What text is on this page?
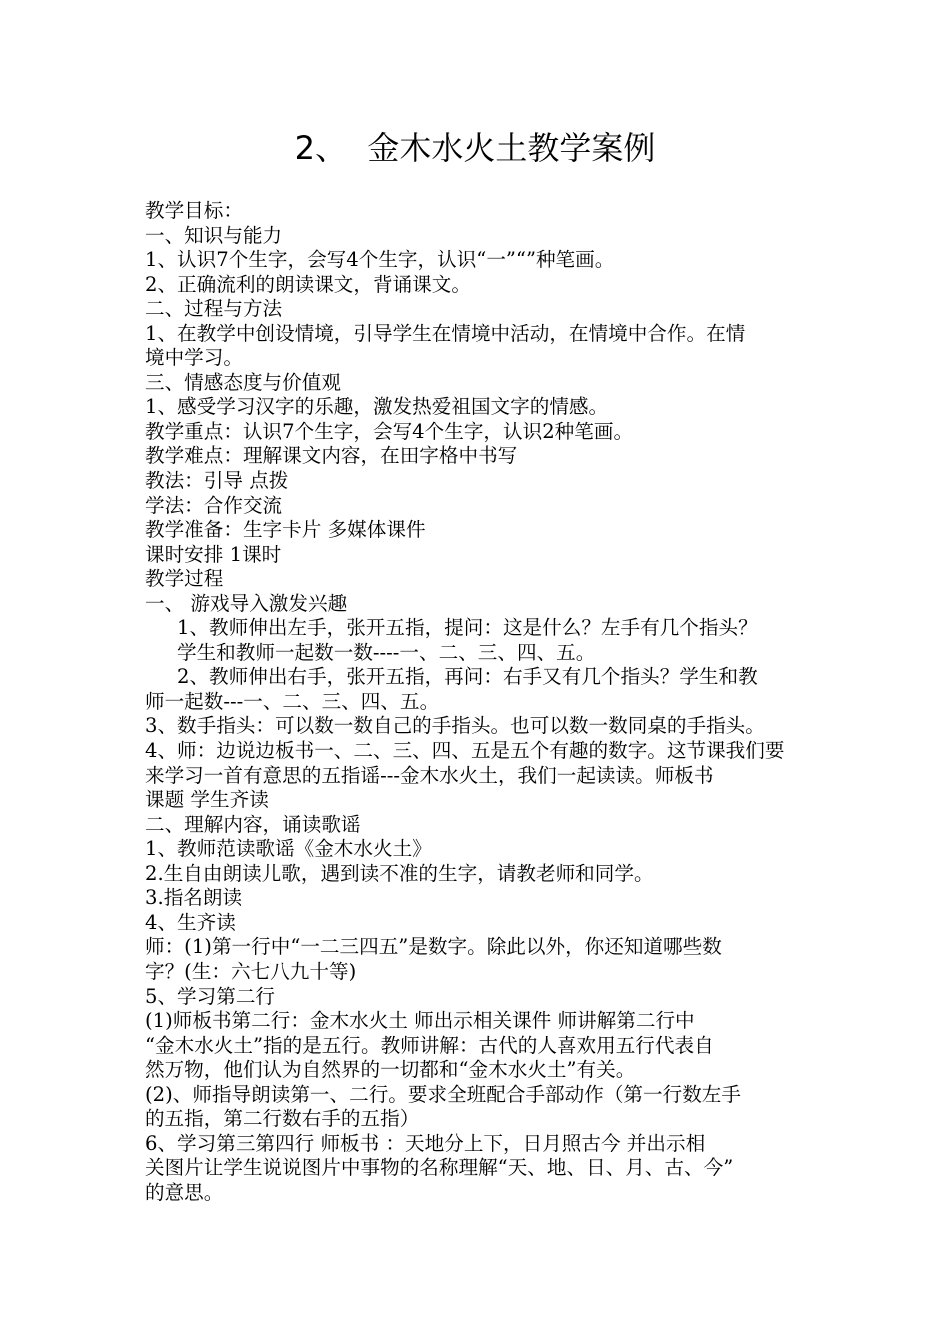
2、  金木水火土教学案例
教学目标：
一、知识与能力
1、认识7个生字，会写4个生字，认识“一”“”种笔画。
2、正确流利的朗读课文，背诵课文。
二、过程与方法
1、在教学中创设情境，引导学生在情境中活动，在情境中合作。在情
境中学习。
三、情感态度与价值观
1、感受学习汉字的乐趣，激发热爱祖国文字的情感。
教学重点：认识7个生字，会写4个生字，认识2种笔画。
教学难点：理解课文内容，在田字格中书写
教法：引导 点拨
学法：合作交流
教学准备：生字卡片 多媒体课件
课时安排 1课时
教学过程
一、 游戏导入激发兴趣
1、教师伸出左手，张开五指，提问：这是什么？左手有几个指头？
学生和教师一起数一数----一、二、三、四、五。
2、教师伸出右手，张开五指，再问：右手又有几个指头？学生和教
师一起数---一、二、三、四、五。
3、数手指头：可以数一数自己的手指头。也可以数一数同桌的手指头。
4、师：边说边板书一、二、三、四、五是五个有趣的数字。这节课我们要
来学习一首有意思的五指谣---金木水火土，我们一起读读。师板书
课题 学生齐读
二、理解内容，诵读歌谣
1、教师范读歌谣《金木水火土》
2.生自由朗读儿歌，遇到读不准的生字，请教老师和同学。
3.指名朗读
4、生齐读
师：(1)第一行中“一二三四五”是数字。除此以外，你还知道哪些数
字？(生：六七八九十等)
5、学习第二行
(1)师板书第二行：金木水火土 师出示相关课件 师讲解第二行中
“金木水火土”指的是五行。教师讲解：古代的人喜欢用五行代表自
然万物，他们认为自然界的一切都和“金木水火土”有关。
(2)、师指导朗读第一、二行。要求全班配合手部动作（第一行数左手
的五指，第二行数右手的五指）
6、学习第三第四行 师板书 ：天地分上下，日月照古今 并出示相
关图片让学生说说图片中事物的名称理解“天、地、日、月、古、今”
的意思。
